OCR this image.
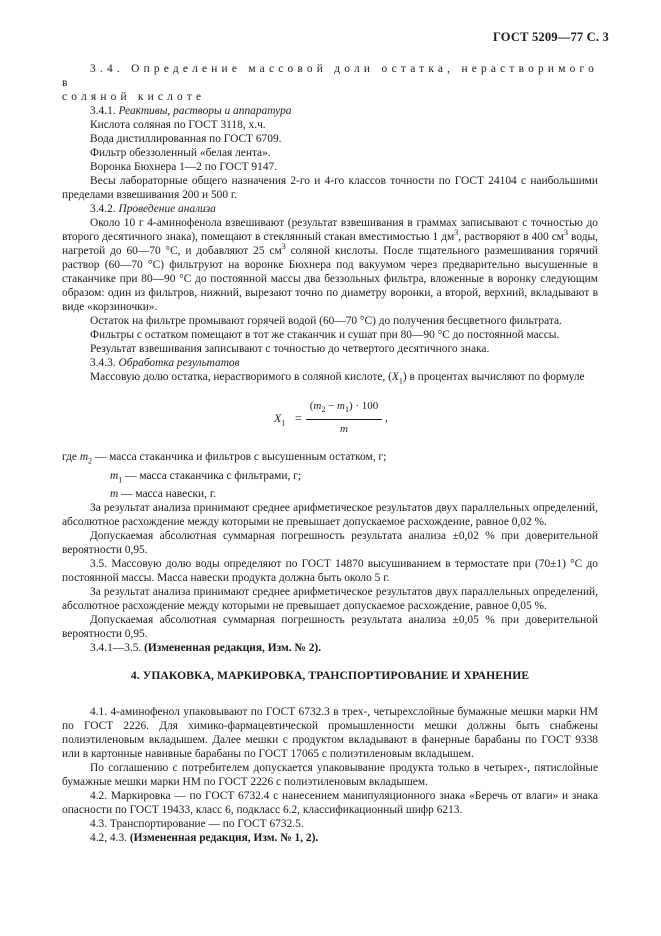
ГОСТ 5209—77 С. 3

3.4. Определение массовой доли остатка, нерастворимого в

соляной кислоте

3.4.1. Реактивы, растворы и аппаратура

Кислота соляная по ГОСТ 3118, х.ч.

Вода дистиллированная по ГОСТ 6709.

Фильтр обеззоленный «белая лента».

Воронка Бюхнера 1—2 по ГОСТ 9147.

Весы лабораторные общего назначения 2-го и 4-го классов точности по ГОСТ 24104 с наибольшими пределами взвешивания 200 и 500 г.

3.4.2. Проведение анализа

Около 10 г 4-аминофенола взвешивают (результат взвешивания в граммах записывают с точностью до второго десятичного знака), помещают в стеклянный стакан вместимостью 1 $дм^3$, растворяют в 400 $см^3$ воды, нагретой до 60—70 °C, и добавляют 25 $см^3$ соляной кислоты. После тщательного размешивания горячий раствор (60—70 °C) фильтруют на воронке Бюхнера под вакуумом через предварительно высушенные в стаканчике при 80—90 °C до постоянной массы два беззольных фильтра, вложенные в воронку следующим образом: один из фильтров, нижний, вырезают точно по диаметру воронки, а второй, верхний, вкладывают в виде «корзиночки».

Остаток на фильтре промывают горячей водой (60—70 °C) до получения бесцветного фильтрата.

Фильтры с остатком помещают в тот же стаканчик и сушат при 80—90 °C до постоянной массы.

Результат взвешивания записывают с точностью до четвертого десятичного знака.

3.4.3. Обработка результатов

Массовую долю остатка, нерастворимого в соляной кислоте, $(X_1)$ в процентах вычисляют по формуле

$X_1$ =
$(m_2 - m_1) \cdot 100$
m
,

где $m_2$ — масса стаканчика и фильтров с высушенным остатком, г;

$m_1$ — масса стаканчика с фильтрами, г;

m — масса навески, г.

За результат анализа принимают среднее арифметическое результатов двух параллельных определений, абсолютное расхождение между которыми не превышает допускаемое расхождение, равное 0,02 %.

Допускаемая абсолютная суммарная погрешность результата анализа ±0,02 % при доверительной вероятности 0,95.

3.5. Массовую долю воды определяют по ГОСТ 14870 высушиванием в термостате при (70±1) °C до постоянной массы. Масса навески продукта должна быть около 5 г.

За результат анализа принимают среднее арифметическое результатов двух параллельных определений, абсолютное расхождение между которыми не превышает допускаемое расхождение, равное 0,05 %.

Допускаемая абсолютная суммарная погрешность результата анализа ±0,05 % при доверительной вероятности 0,95.

3.4.1—3.5. (Измененная редакция, Изм. № 2).

4. УПАКОВКА, МАРКИРОВКА, ТРАНСПОРТИРОВАНИЕ И ХРАНЕНИЕ

4.1. 4-аминофенол упаковывают по ГОСТ 6732.3 в трех-, четырехслойные бумажные мешки марки НМ по ГОСТ 2226. Для химико-фармацевтической промышленности мешки должны быть снабжены полиэтиленовым вкладышем. Далее мешки с продуктом вкладывают в фанерные барабаны по ГОСТ 9338 или в картонные навивные барабаны по ГОСТ 17065 с полиэтиленовым вкладышем.

По соглашению с потребителем допускается упаковывание продукта только в четырех-, пятислойные бумажные мешки марки НМ по ГОСТ 2226 с полиэтиленовым вкладышем.

4.2. Маркировка — по ГОСТ 6732.4 с нанесением манипуляционного знака «Беречь от влаги» и знака опасности по ГОСТ 19433, класс 6, подкласс 6.2, классификационный шифр 6213.

4.3. Транспортирование — по ГОСТ 6732.5.

4.2, 4.3. (Измененная редакция, Изм. № 1, 2).
